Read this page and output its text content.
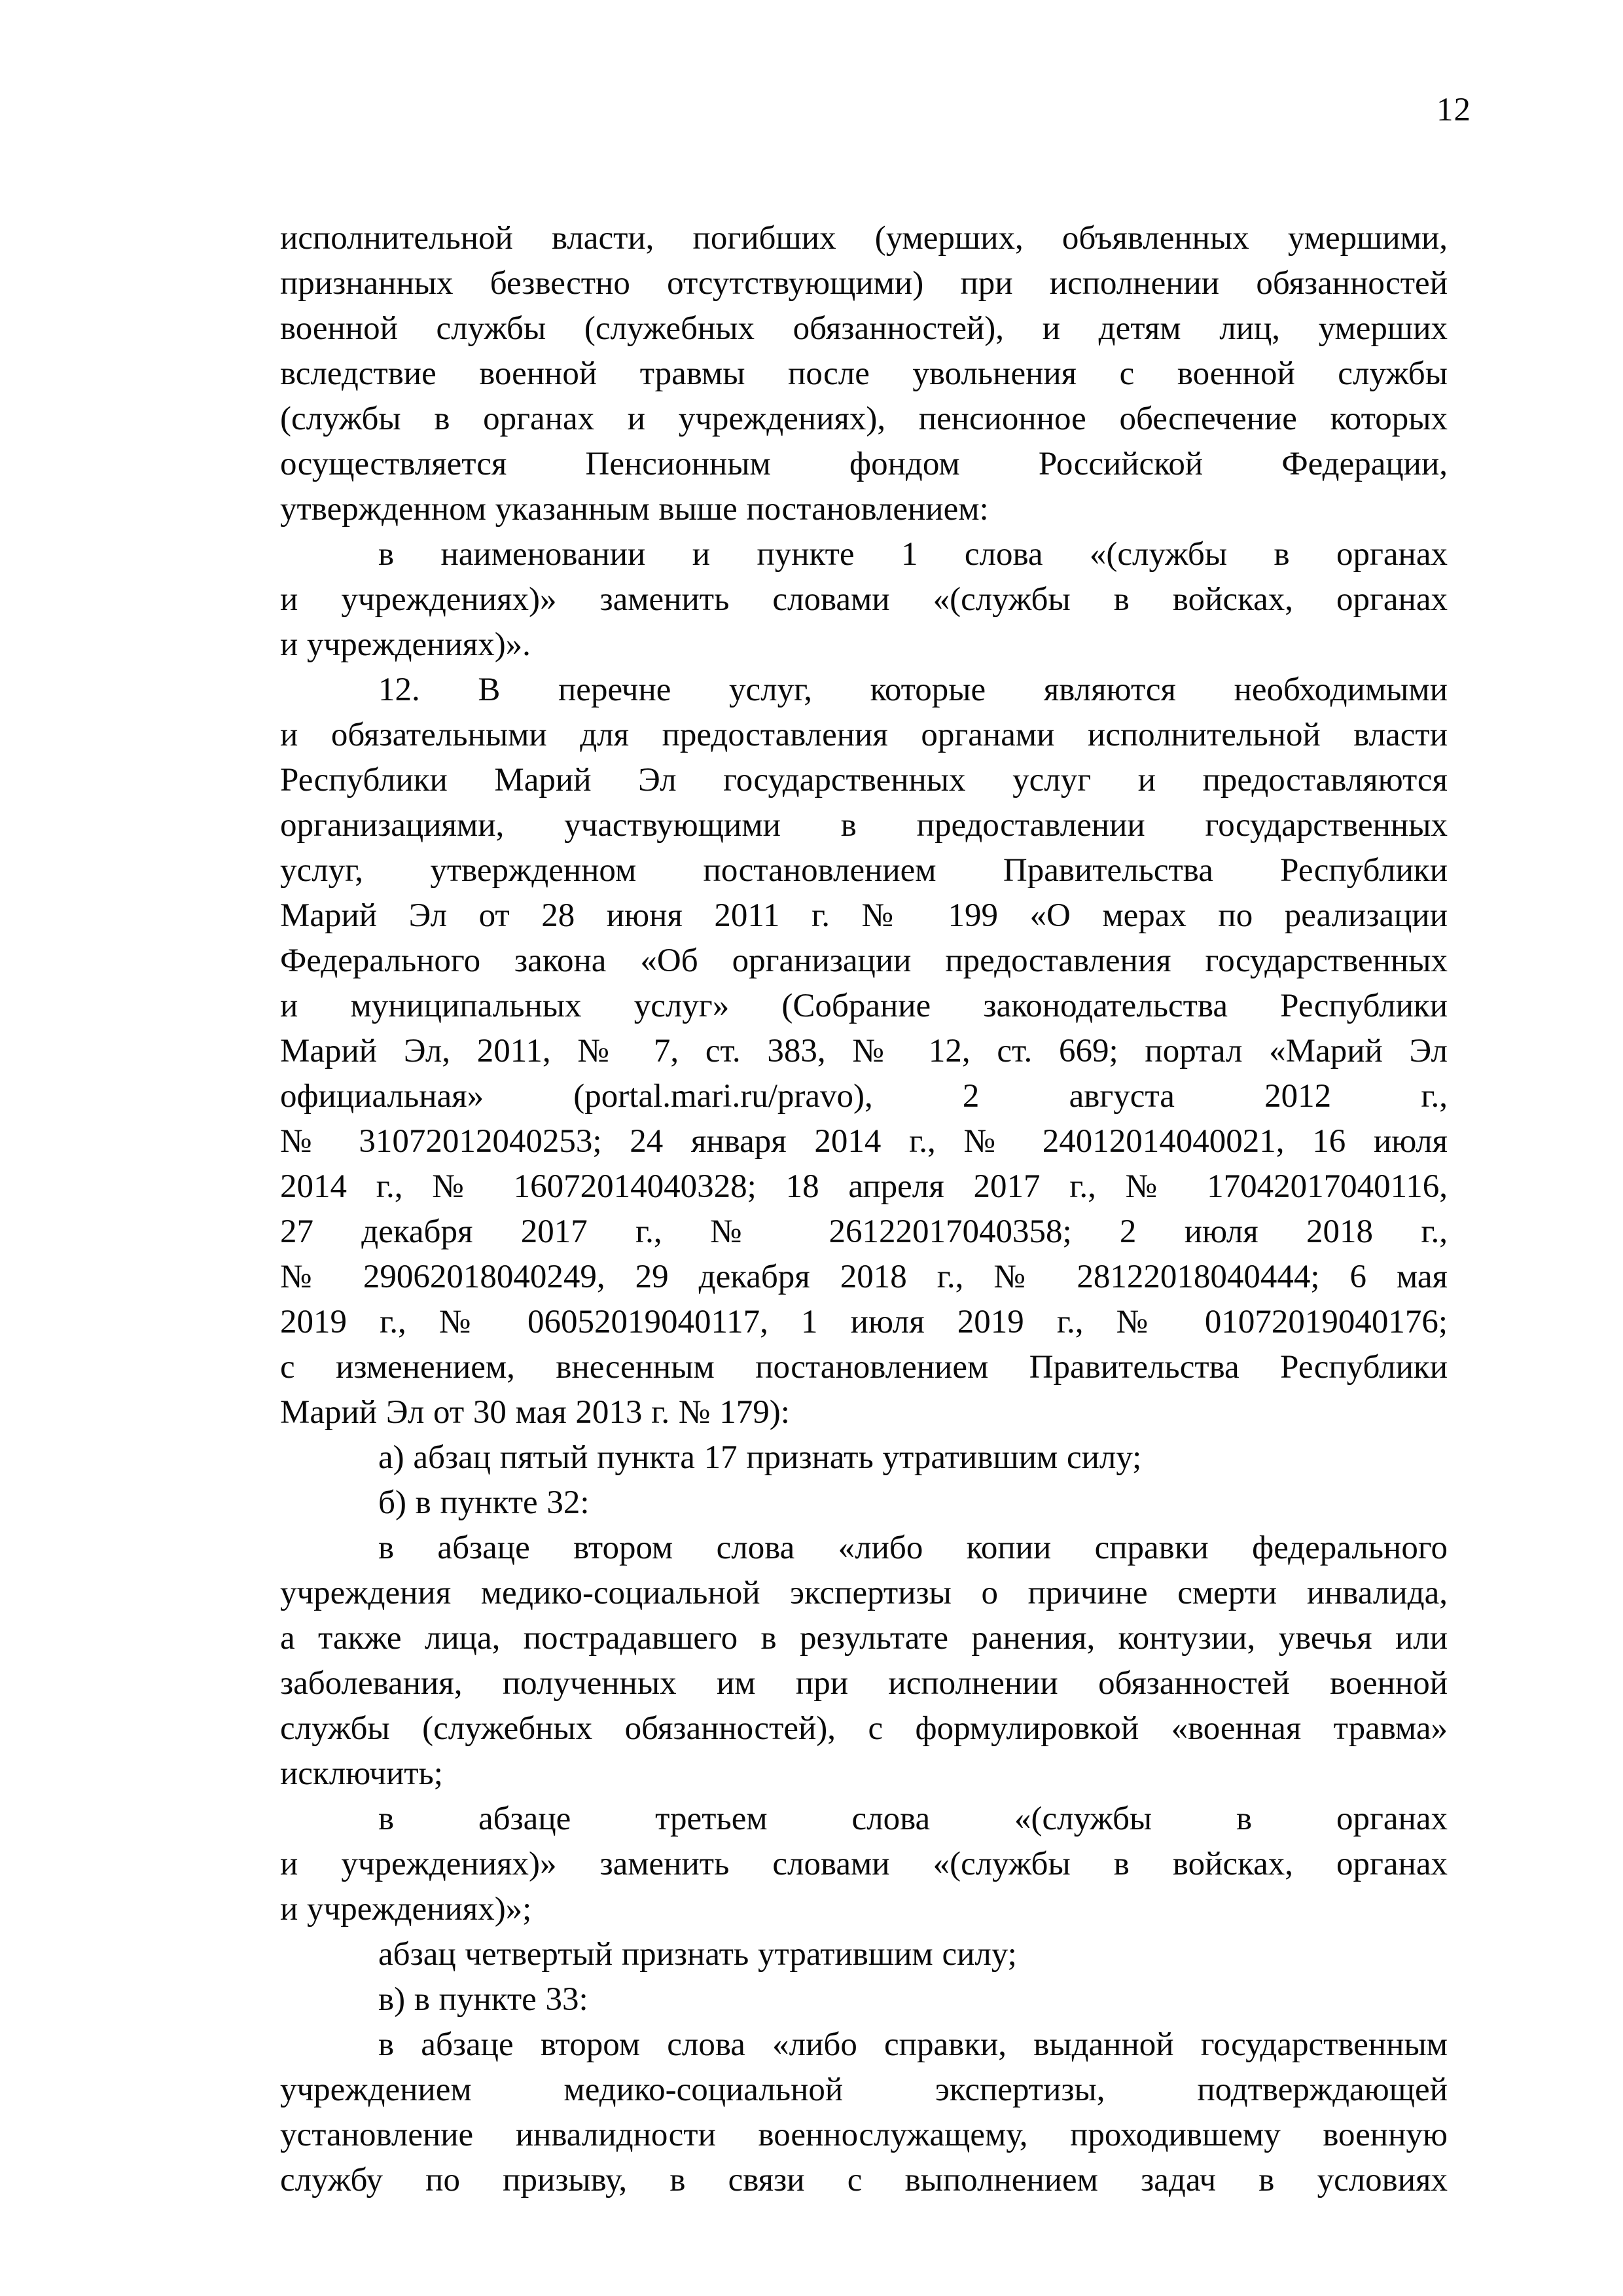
12
исполнительной власти, погибших (умерших, объявленных умершими,
признанных безвестно отсутствующими) при исполнении обязанностей
военной службы (служебных обязанностей), и детям лиц, умерших
вследствие военной травмы после увольнения с военной службы
(службы в органах и учреждениях), пенсионное обеспечение которых
осуществляется Пенсионным фондом Российской Федерации,
утвержденном указанным выше постановлением:
в наименовании и пункте 1 слова «(службы в органах
и учреждениях)» заменить словами «(службы в войсках, органах
и учреждениях)».
12. В перечне услуг, которые являются необходимыми
и обязательными для предоставления органами исполнительной власти
Республики Марий Эл государственных услуг и предоставляются
организациями, участвующими в предоставлении государственных
услуг, утвержденном постановлением Правительства Республики
Марий Эл от 28 июня 2011 г. № 199 «О мерах по реализации
Федерального закона «Об организации предоставления государственных
и муниципальных услуг» (Собрание законодательства Республики
Марий Эл, 2011, № 7, ст. 383, № 12, ст. 669; портал «Марий Эл
официальная» (portal.mari.ru/pravo), 2 августа 2012 г.,
№ 31072012040253; 24 января 2014 г., № 24012014040021, 16 июля
2014 г., № 16072014040328; 18 апреля 2017 г., № 17042017040116,
27 декабря 2017 г., № 26122017040358; 2 июля 2018 г.,
№ 29062018040249, 29 декабря 2018 г., № 28122018040444; 6 мая
2019 г., № 06052019040117, 1 июля 2019 г., № 01072019040176;
с изменением, внесенным постановлением Правительства Республики
Марий Эл от 30 мая 2013 г. № 179):
а) абзац пятый пункта 17 признать утратившим силу;
б) в пункте 32:
в абзаце втором слова «либо копии справки федерального
учреждения медико-социальной экспертизы о причине смерти инвалида,
а также лица, пострадавшего в результате ранения, контузии, увечья или
заболевания, полученных им при исполнении обязанностей военной
службы (служебных обязанностей), с формулировкой «военная травма»
исключить;
в абзаце третьем слова «(службы в органах
и учреждениях)» заменить словами «(службы в войсках, органах
и учреждениях)»;
абзац четвертый признать утратившим силу;
в) в пункте 33:
в абзаце втором слова «либо справки, выданной государственным
учреждением медико-социальной экспертизы, подтверждающей
установление инвалидности военнослужащему, проходившему военную
службу по призыву, в связи с выполнением задач в условиях
